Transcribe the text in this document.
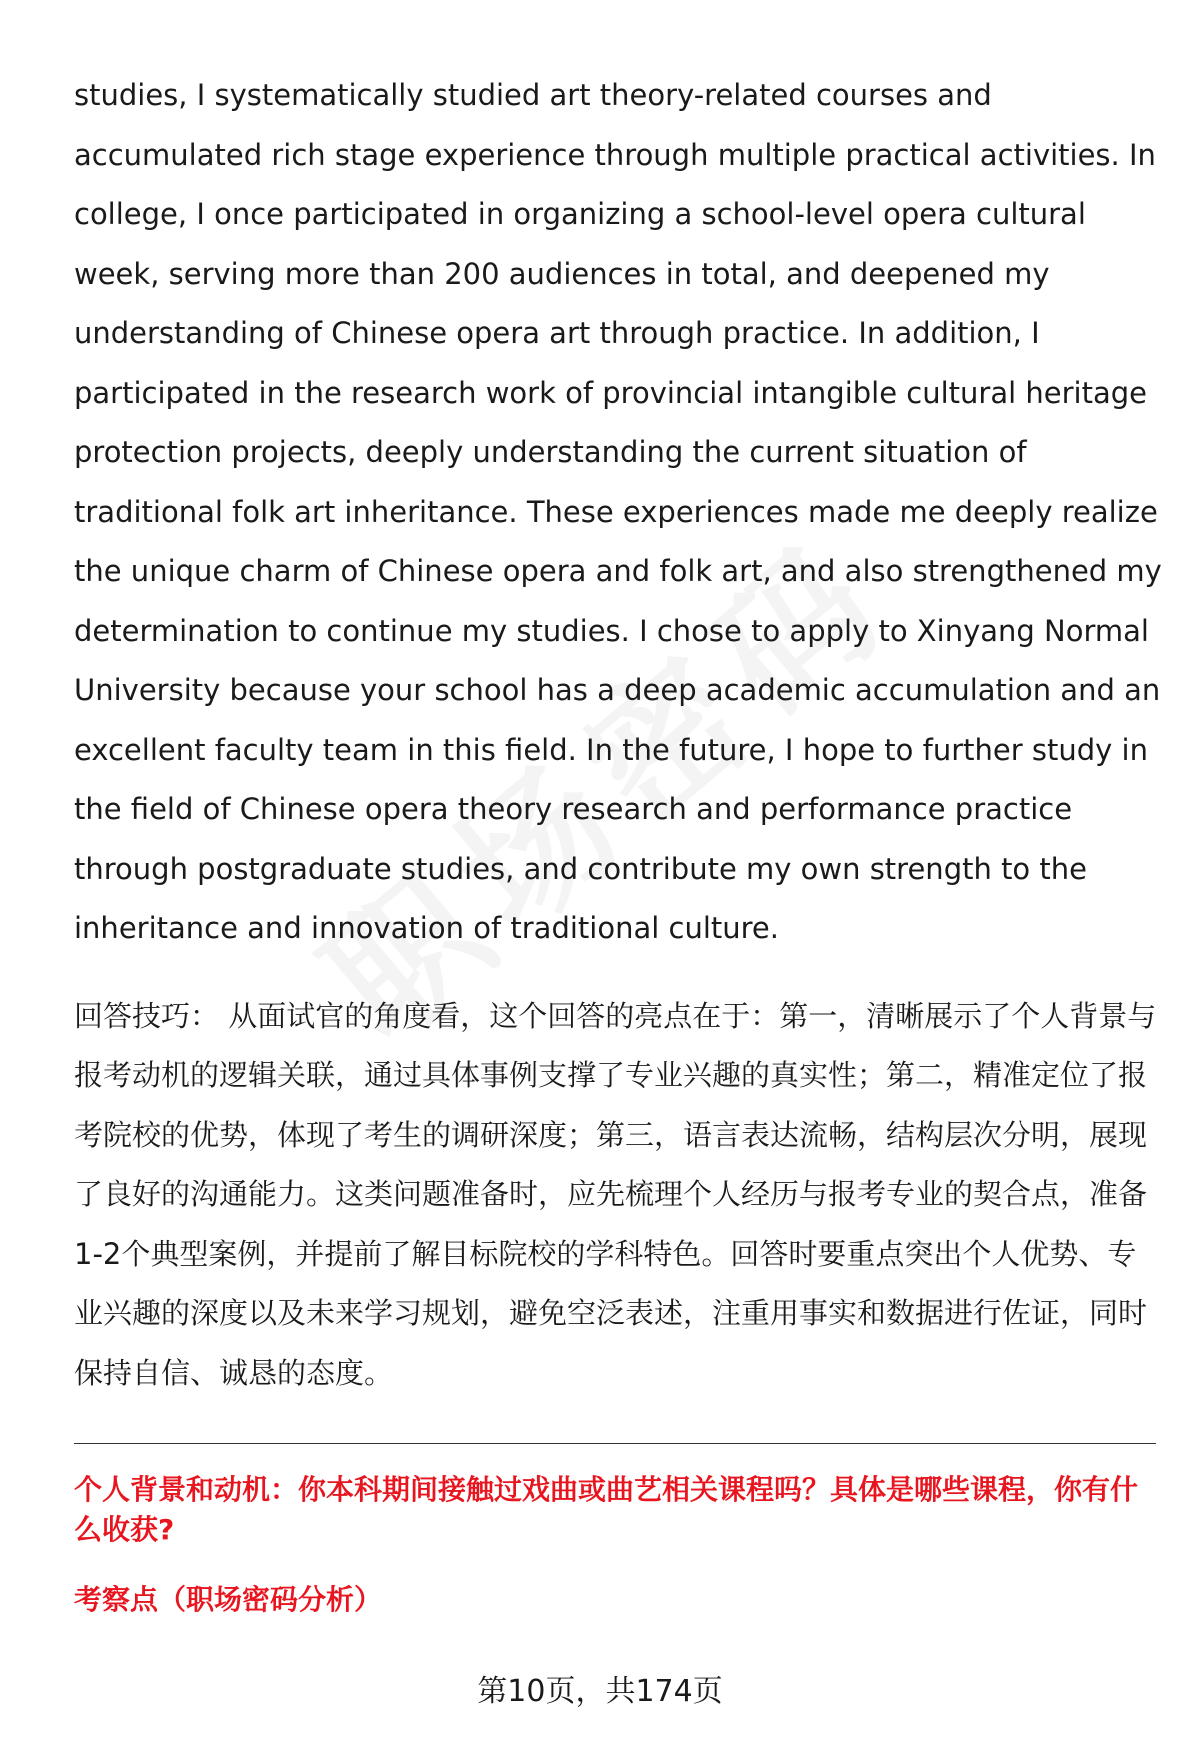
studies, I systematically studied art theory-related courses and accumulated rich stage experience through multiple practical activities. In college, I once participated in organizing a school-level opera cultural week, serving more than 200 audiences in total, and deepened my understanding of Chinese opera art through practice. In addition, I participated in the research work of provincial intangible cultural heritage protection projects, deeply understanding the current situation of traditional folk art inheritance. These experiences made me deeply realize the unique charm of Chinese opera and folk art, and also strengthened my determination to continue my studies. I chose to apply to Xinyang Normal University because your school has a deep academic accumulation and an excellent faculty team in this field. In the future, I hope to further study in the field of Chinese opera theory research and performance practice through postgraduate studies, and contribute my own strength to the inheritance and innovation of traditional culture.

回答技巧： 从面试官的角度看，这个回答的亮点在于：第一，清晰展示了个人背景与报考动机的逻辑关联，通过具体事例支撑了专业兴趣的真实性；第二，精准定位了报考院校的优势，体现了考生的调研深度；第三，语言表达流畅，结构层次分明，展现了良好的沟通能力。这类问题准备时，应先梳理个人经历与报考专业的契合点，准备1-2个典型案例，并提前了解目标院校的学科特色。回答时要重点突出个人优势、专业兴趣的深度以及未来学习规划，避免空泛表述，注重用事实和数据进行佐证，同时保持自信、诚恳的态度。

个人背景和动机：你本科期间接触过戏曲或曲艺相关课程吗？具体是哪些课程，你有什么收获?

考察点（职场密码分析）

第10页，共174页
